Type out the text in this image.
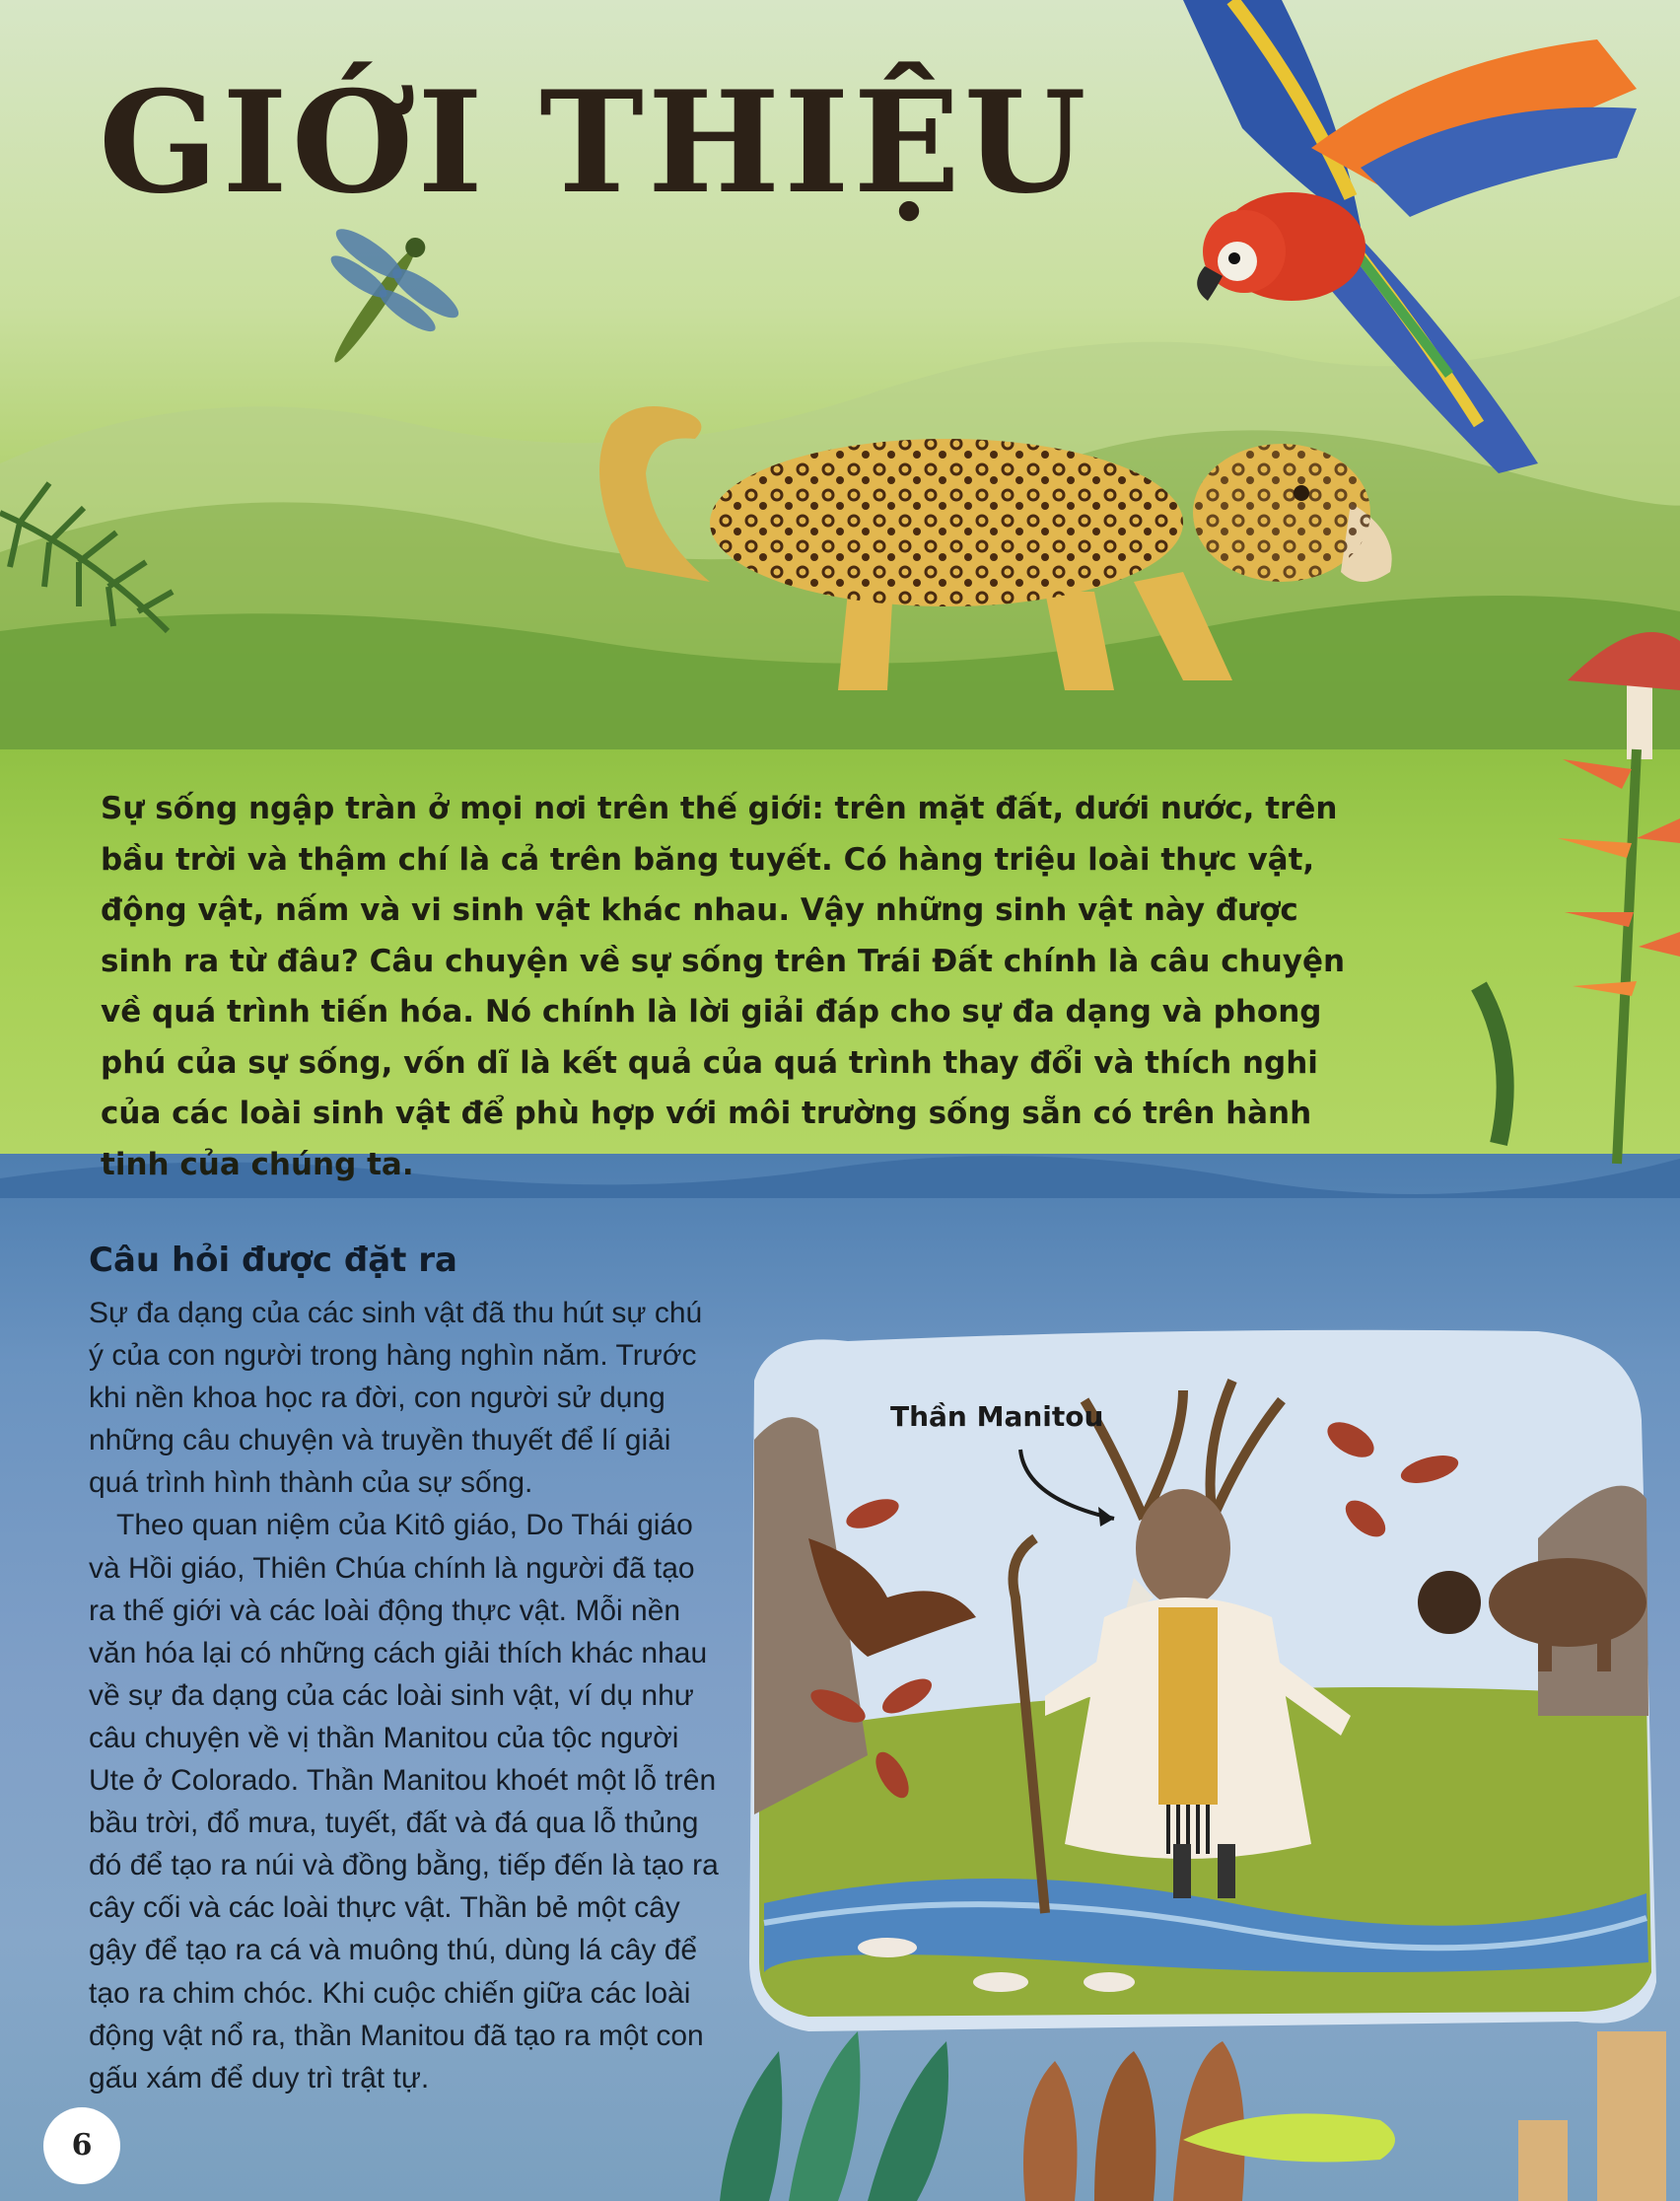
GIỚI THIỆU
Sự sống ngập tràn ở mọi nơi trên thế giới: trên mặt đất, dưới nước, trên bầu trời và thậm chí là cả trên băng tuyết. Có hàng triệu loài thực vật, động vật, nấm và vi sinh vật khác nhau. Vậy những sinh vật này được sinh ra từ đâu? Câu chuyện về sự sống trên Trái Đất chính là câu chuyện về quá trình tiến hóa. Nó chính là lời giải đáp cho sự đa dạng và phong phú của sự sống, vốn dĩ là kết quả của quá trình thay đổi và thích nghi của các loài sinh vật để phù hợp với môi trường sống sẵn có trên hành tinh của chúng ta.
Câu hỏi được đặt ra

Sự đa dạng của các sinh vật đã thu hút sự chú ý của con người trong hàng nghìn năm. Trước khi nền khoa học ra đời, con người sử dụng những câu chuyện và truyền thuyết để lí giải quá trình hình thành của sự sống.

Theo quan niệm của Kitô giáo, Do Thái giáo và Hồi giáo, Thiên Chúa chính là người đã tạo ra thế giới và các loài động thực vật. Mỗi nền văn hóa lại có những cách giải thích khác nhau về sự đa dạng của các loài sinh vật, ví dụ như câu chuyện về vị thần Manitou của tộc người Ute ở Colorado. Thần Manitou khoét một lỗ trên bầu trời, đổ mưa, tuyết, đất và đá qua lỗ thủng đó để tạo ra núi và đồng bằng, tiếp đến là tạo ra cây cối và các loài thực vật. Thần bẻ một cây gậy để tạo ra cá và muông thú, dùng lá cây để tạo ra chim chóc. Khi cuộc chiến giữa các loài động vật nổ ra, thần Manitou đã tạo ra một con gấu xám để duy trì trật tự.

Thần Manitou
6
